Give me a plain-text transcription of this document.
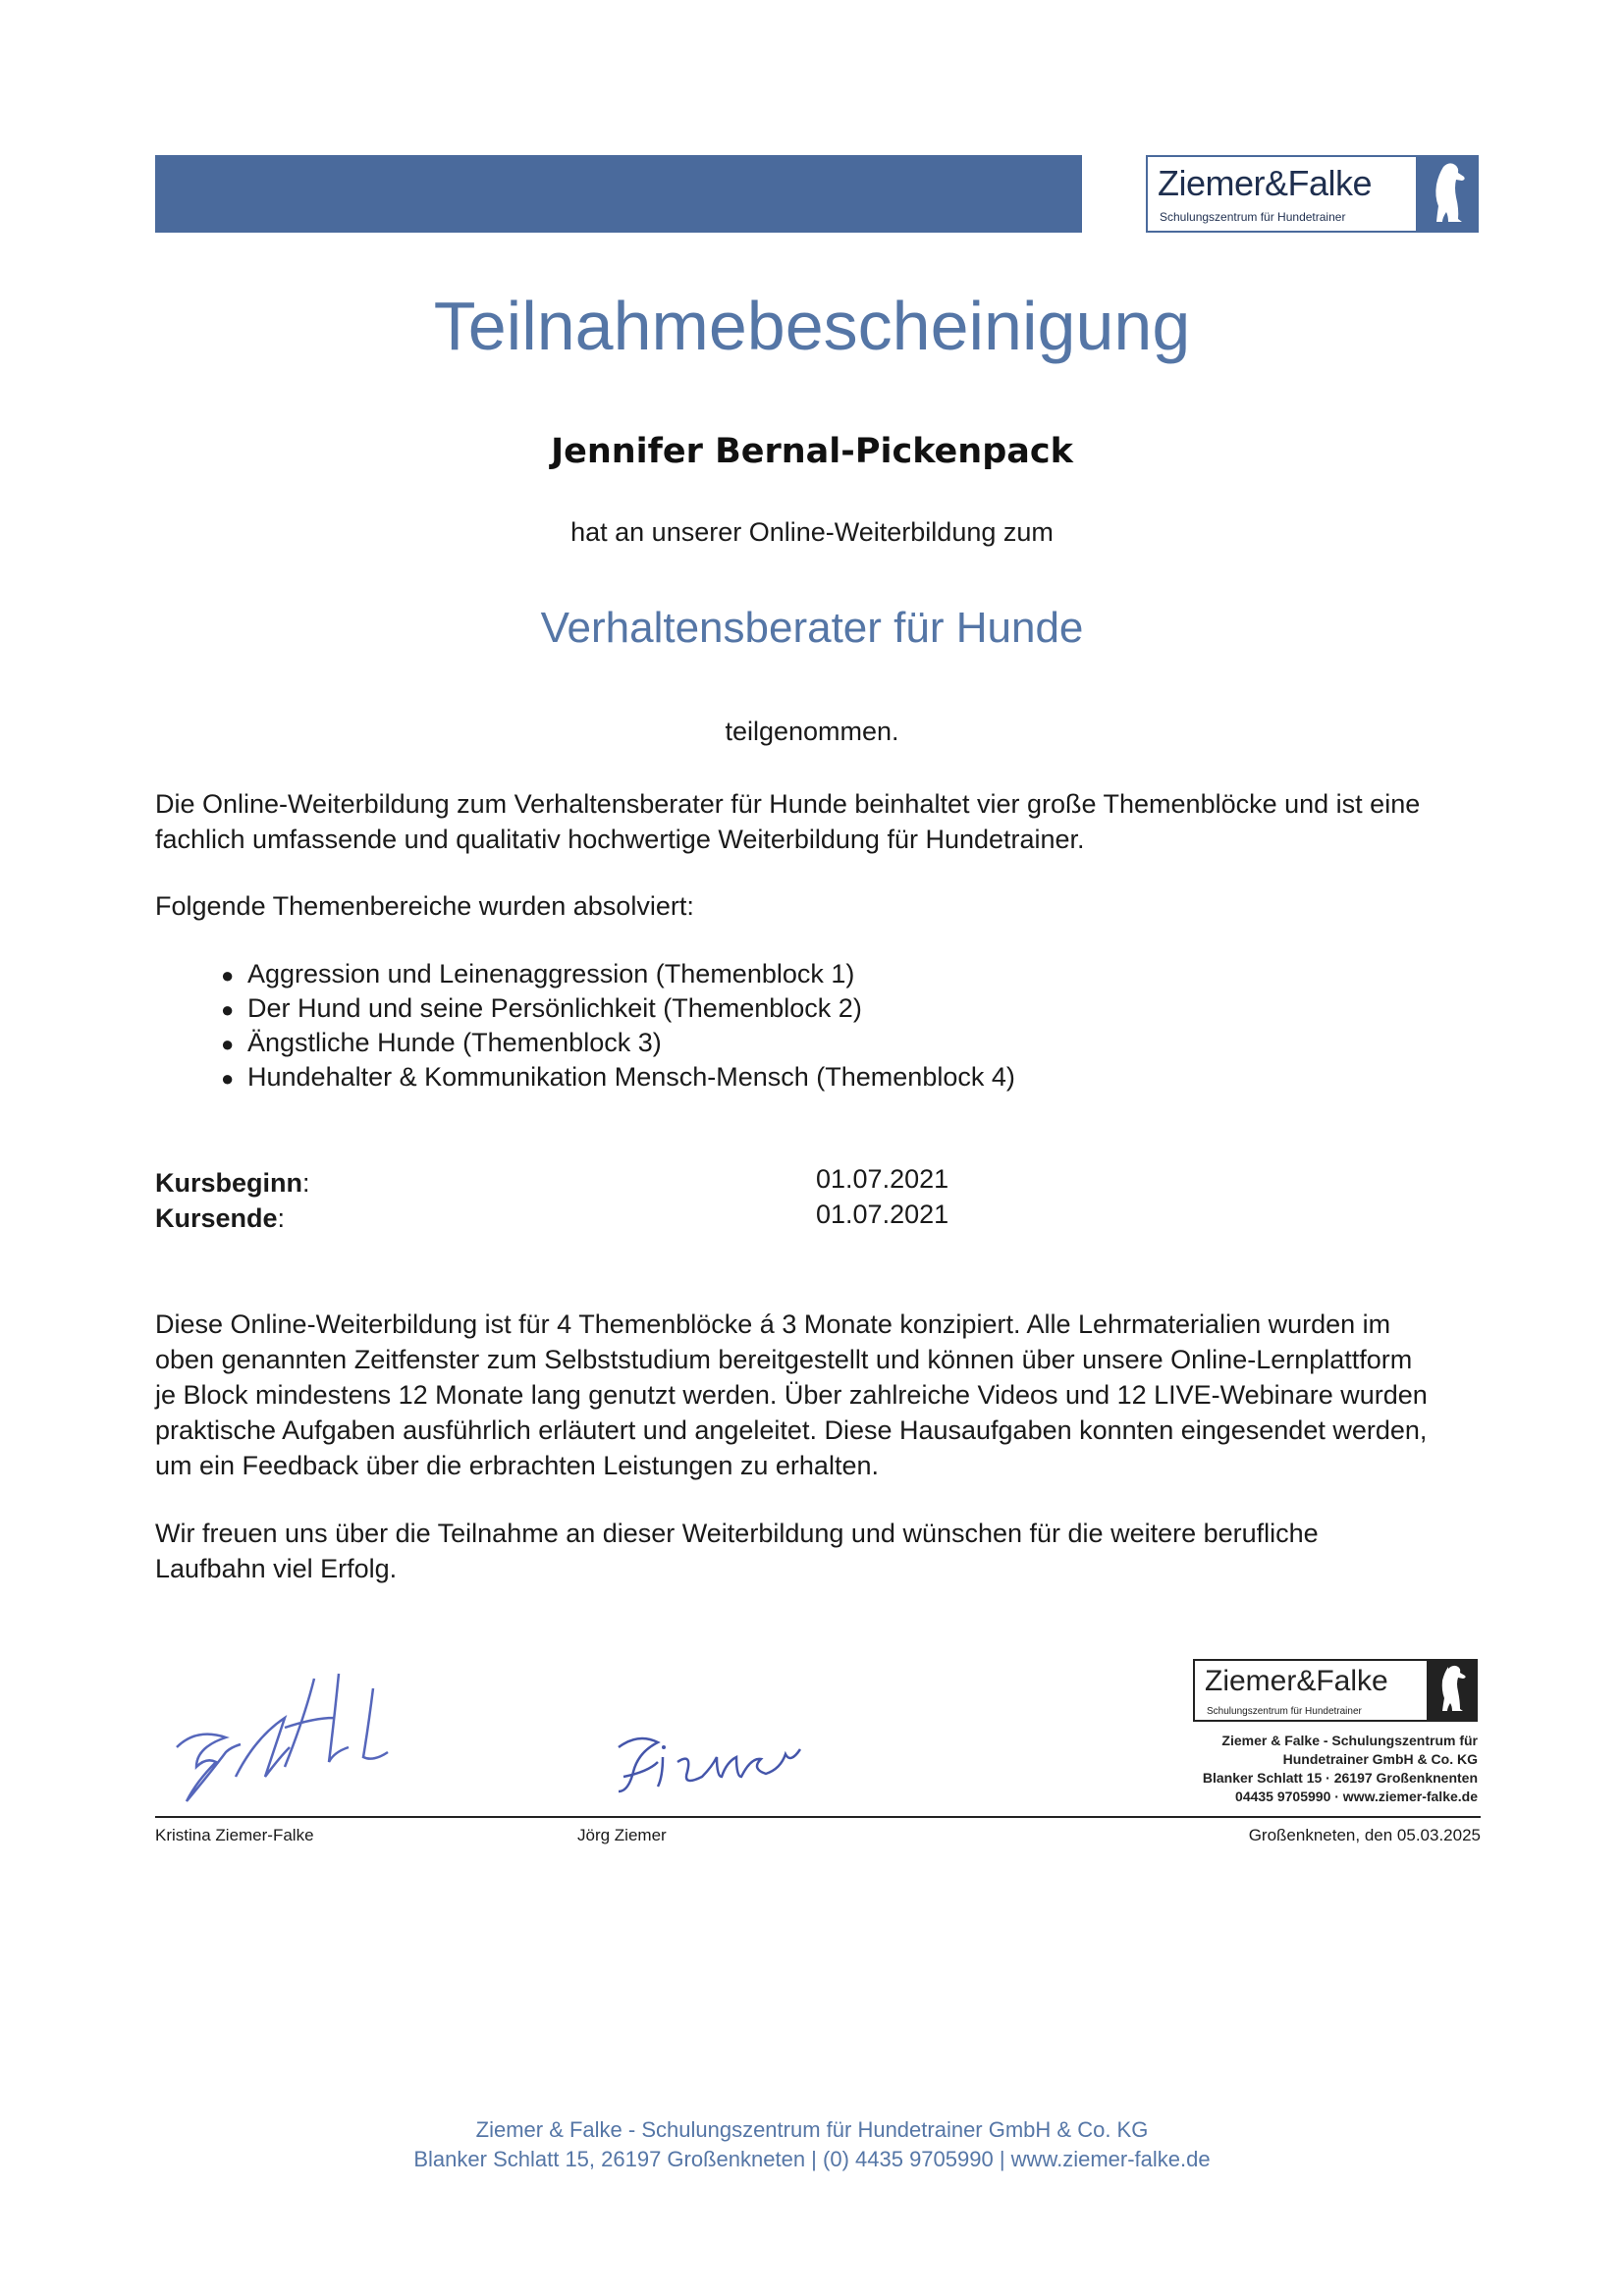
Ziemer&Falke
Schulungszentrum für Hundetrainer
Teilnahmebescheinigung
Jennifer Bernal-Pickenpack
hat an unserer Online-Weiterbildung zum
Verhaltensberater für Hunde
teilgenommen.
Die Online-Weiterbildung zum Verhaltensberater für Hunde beinhaltet vier große Themenblöcke und ist eine
fachlich umfassende und qualitativ hochwertige Weiterbildung für Hundetrainer.
Folgende Themenbereiche wurden absolviert:
● Aggression und Leinenaggression (Themenblock 1)
● Der Hund und seine Persönlichkeit (Themenblock 2)
● Ängstliche Hunde (Themenblock 3)
● Hundehalter & Kommunikation Mensch-Mensch (Themenblock 4)
Kursbeginn:	01.07.2021
Kursende:	01.07.2021
Diese Online-Weiterbildung ist für 4 Themenblöcke á 3 Monate konzipiert. Alle Lehrmaterialien wurden im
oben genannten Zeitfenster zum Selbststudium bereitgestellt und können über unsere Online-Lernplattform
je Block mindestens 12 Monate lang genutzt werden. Über zahlreiche Videos und 12 LIVE-Webinare wurden
praktische Aufgaben ausführlich erläutert und angeleitet. Diese Hausaufgaben konnten eingesendet werden,
um ein Feedback über die erbrachten Leistungen zu erhalten.
Wir freuen uns über die Teilnahme an dieser Weiterbildung und wünschen für die weitere berufliche
Laufbahn viel Erfolg.
Ziemer&Falke
Schulungszentrum für Hundetrainer
Ziemer & Falke - Schulungszentrum für
Hundetrainer GmbH & Co. KG
Blanker Schlatt 15 · 26197 Großenknenten
04435 9705990 · www.ziemer-falke.de
Kristina Ziemer-Falke	Jörg Ziemer	Großenkneten, den 05.03.2025
Ziemer & Falke - Schulungszentrum für Hundetrainer GmbH & Co. KG
Blanker Schlatt 15, 26197 Großenkneten | (0) 4435 9705990 | www.ziemer-falke.de
